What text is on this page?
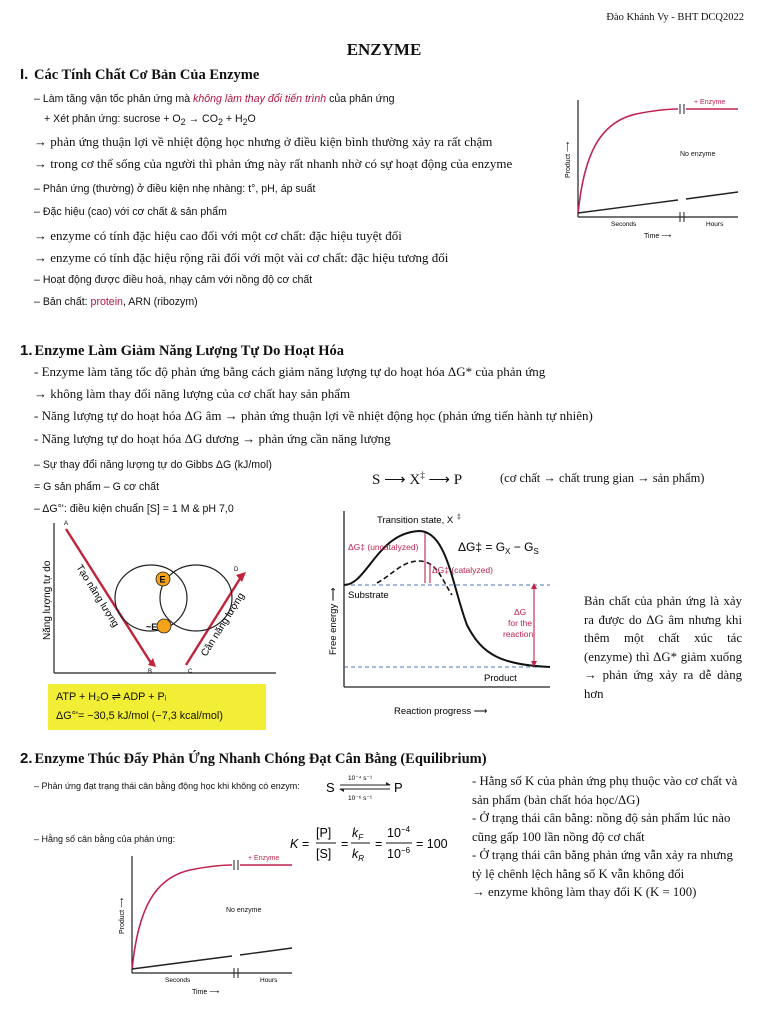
Đào Khánh Vy - BHT DCQ2022
ENZYME
I. Các Tính Chất Cơ Bản Của Enzyme
– Làm tăng vận tốc phản ứng mà không làm thay đổi tiến trình của phản ứng
+ Xét phản ứng: sucrose + $O_2 \to CO_2 + H_2O$
→ phản ứng thuận lợi về nhiệt động học nhưng ở điều kiện bình thường xảy ra rất chậm
→ trong cơ thể sống của người thì phản ứng này rất nhanh nhờ có sự hoạt động của enzyme
– Phản ứng (thường) ở điều kiện nhẹ nhàng: t°, pH, áp suất
– Đặc hiệu (cao) với cơ chất & sản phẩm
→ enzyme có tính đặc hiệu cao đối với một cơ chất: đặc hiệu tuyệt đối
→ enzyme có tính đặc hiệu rộng rãi đối với một vài cơ chất: đặc hiệu tương đối
– Hoạt động được điều hoà, nhạy cảm với nồng độ cơ chất
– Bản chất: protein, ARN (ribozym)
+ Enzyme
No enzyme
Product ⟶
Seconds	Hours
Time ⟶
1. Enzyme Làm Giảm Năng Lượng Tự Do Hoạt Hóa
- Enzyme làm tăng tốc độ phản ứng bằng cách giảm năng lượng tự do hoạt hóa ΔG* của phản ứng
→ không làm thay đổi năng lượng của cơ chất hay sản phẩm
- Năng lượng tự do hoạt hóa ΔG âm → phản ứng thuận lợi về nhiệt động học (phản ứng tiến hành tự nhiên)
- Năng lượng tự do hoạt hóa ΔG dương → phản ứng cần năng lượng
– Sự thay đổi năng lượng tự do Gibbs ΔG (kJ/mol)
= G sản phẩm – G cơ chất
– ΔG°': điều kiện chuẩn [S] = 1 M & pH 7,0
S ⟶ X‡ ⟶ P	(cơ chất → chất trung gian → sản phẩm)
Năng lượng tự do	E
~E
Tạo năng lượng	Cần năng lượng
A
B	C
D
ATP + H₂O ⇌ ADP + Pᵢ
ΔG°'= −30,5 kJ/mol (−7,3 kcal/mol)
Transition state, X ‡
ΔG‡ (uncatalyzed)
ΔG‡ (catalyzed)
ΔG‡ = $G_X - G_S$
Substrate
ΔG
for the
reaction
Product
Free energy ⟶
Reaction progress ⟶
Bản chất của phản ứng là xảy ra được do ΔG âm nhưng khi thêm một chất xúc tác (enzyme) thì ΔG* giảm xuống → phản ứng xảy ra dễ dàng hơn
2. Enzyme Thúc Đẩy Phản Ứng Nhanh Chóng Đạt Cân Bằng (Equilibrium)
– Phản ứng đạt trạng thái cân bằng động học khi không có enzym: S
10⁻⁴ s⁻¹
10⁻⁶ s⁻¹
P
– Hằng số cân bằng của phản ứng:	K =
[P]
[S]
=
$k_F$
$k_R$
=
$10^{-4}$
$10^{-6} = 100$
+ Enzyme
No enzyme
Product ⟶
Seconds	Hours
Time ⟶
- Hằng số K của phản ứng phụ thuộc vào cơ chất và sản phẩm (bản chất hóa học/ΔG)
- Ở trạng thái cân bằng: nồng độ sản phẩm lúc nào cũng gấp 100 lần nồng độ cơ chất
- Ở trạng thái cân bằng phản ứng vẫn xảy ra nhưng tỷ lệ chênh lệch hằng số K vẫn không đổi
→ enzyme không làm thay đổi K (K = 100)
